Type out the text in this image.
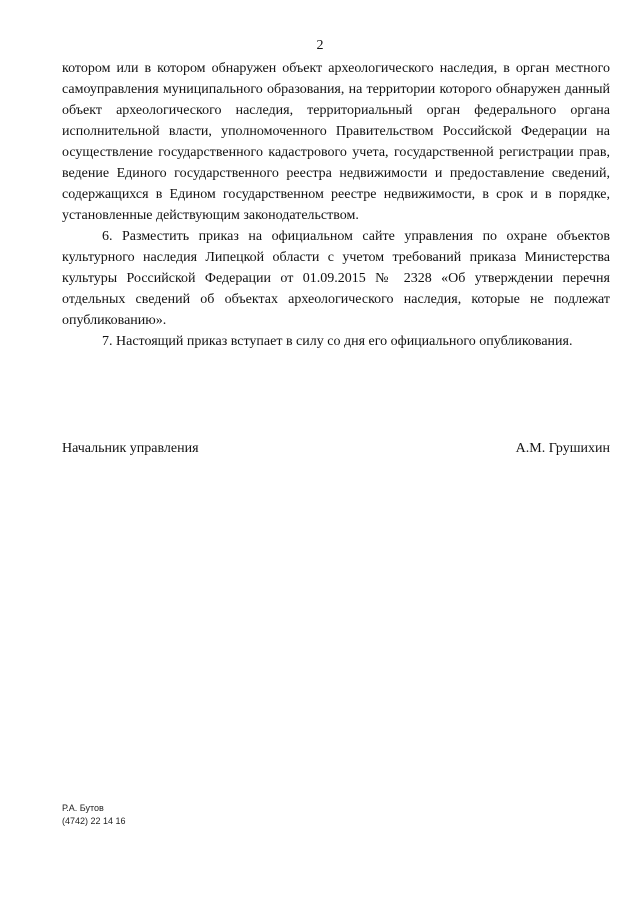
2

котором или в котором обнаружен объект археологического наследия, в орган местного самоуправления муниципального образования, на территории которого обнаружен данный объект археологического наследия, территориальный орган федерального органа исполнительной власти, уполномоченного Правительством Российской Федерации на осуществление государственного кадастрового учета, государственной регистрации прав, ведение Единого государственного реестра недвижимости и предоставление сведений, содержащихся в Едином государственном реестре недвижимости, в срок и в порядке, установленные действующим законодательством.

6. Разместить приказ на официальном сайте управления по охране объектов культурного наследия Липецкой области с учетом требований приказа Министерства культуры Российской Федерации от 01.09.2015 № 2328 «Об утверждении перечня отдельных сведений об объектах археологического наследия, которые не подлежат опубликованию».

7. Настоящий приказ вступает в силу со дня его официального опубликования.

Начальник управления	А.М. Грушихин
Р.А. Бутов
(4742) 22 14 16
